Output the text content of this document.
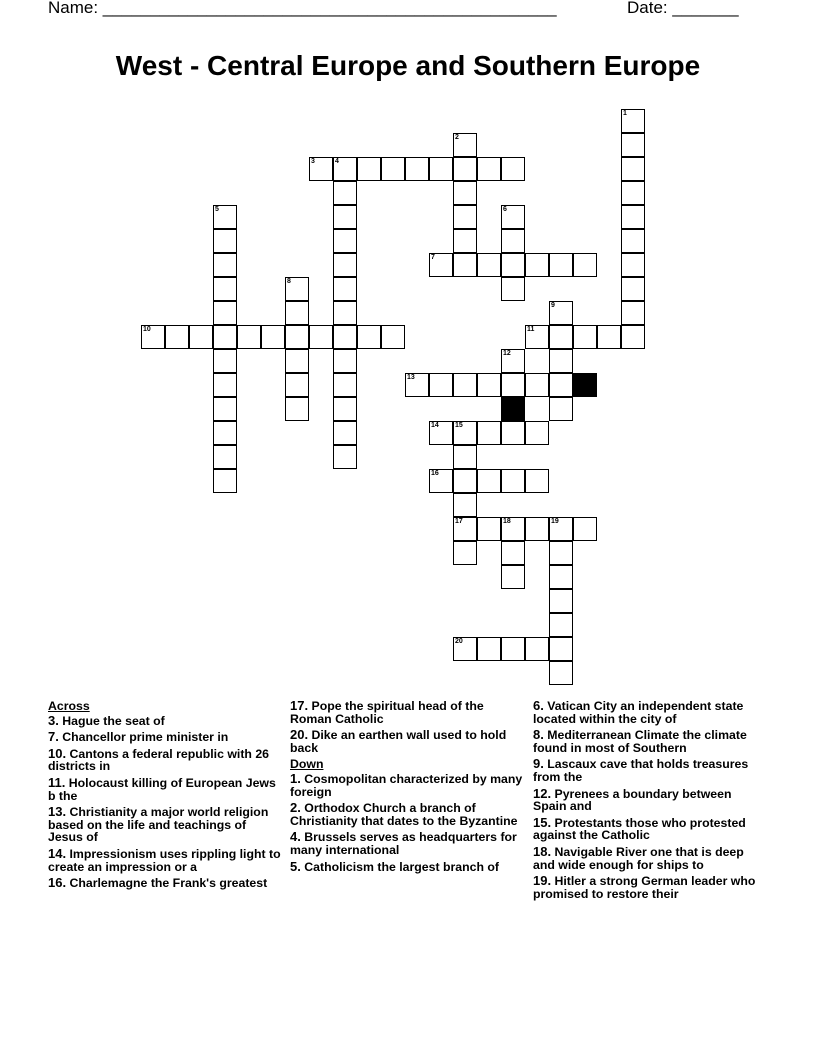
Name: ________________________________________________	Date: _______
West - Central Europe and Southern Europe
3	4
7
10	11
13
14 15
16
17	18	19
20
1
2
5	6
8
9
12
Across
3. Hague the seat of
7. Chancellor prime minister in
10. Cantons a federal republic with 26 districts in
11. Holocaust killing of European Jews b the
13. Christianity a major world religion based on the life and teachings of Jesus of
14. Impressionism uses rippling light to create an impression or a
16. Charlemagne the Frank's greatest
17. Pope the spiritual head of the Roman Catholic
20. Dike an earthen wall used to hold back
Down
1. Cosmopolitan characterized by many foreign
2. Orthodox Church a branch of Christianity that dates to the Byzantine
4. Brussels serves as headquarters for many international
5. Catholicism the largest branch of
6. Vatican City an independent state located within the city of
8. Mediterranean Climate the climate found in most of Southern
9. Lascaux cave that holds treasures from the
12. Pyrenees a boundary between Spain and
15. Protestants those who protested against the Catholic
18. Navigable River one that is deep and wide enough for ships to
19. Hitler a strong German leader who promised to restore their
